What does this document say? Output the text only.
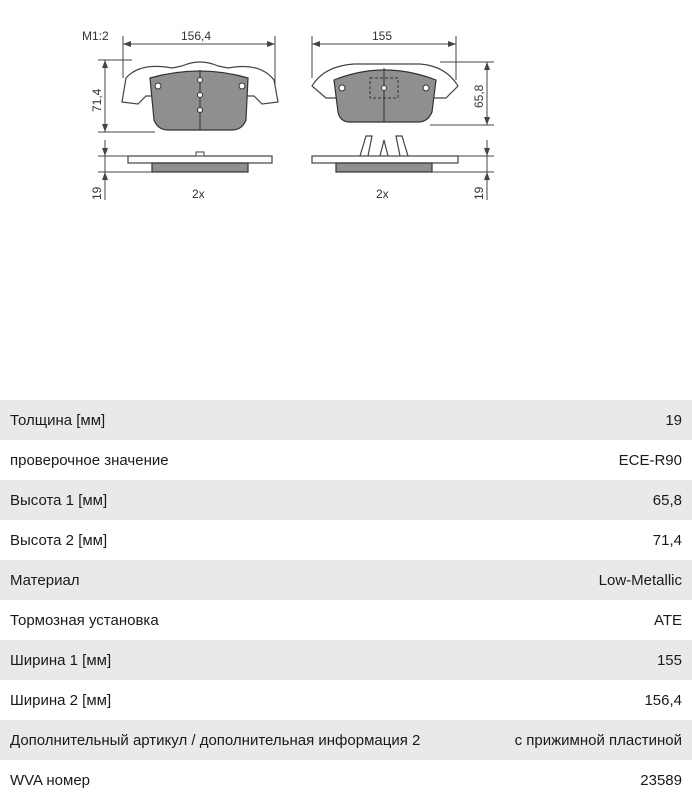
M1:2	156,4
71,4
19	2x
155
65,8
19
2x
Толщина [мм]	19
проверочное значение	ECE-R90
Высота 1 [мм]	65,8
Высота 2 [мм]	71,4
Материал	Low-Metallic
Тормозная установка	ATE
Ширина 1 [мм]	155
Ширина 2 [мм]	156,4
Дополнительный артикул / дополнительная информация 2	с прижимной пластиной
WVA номер	23589
